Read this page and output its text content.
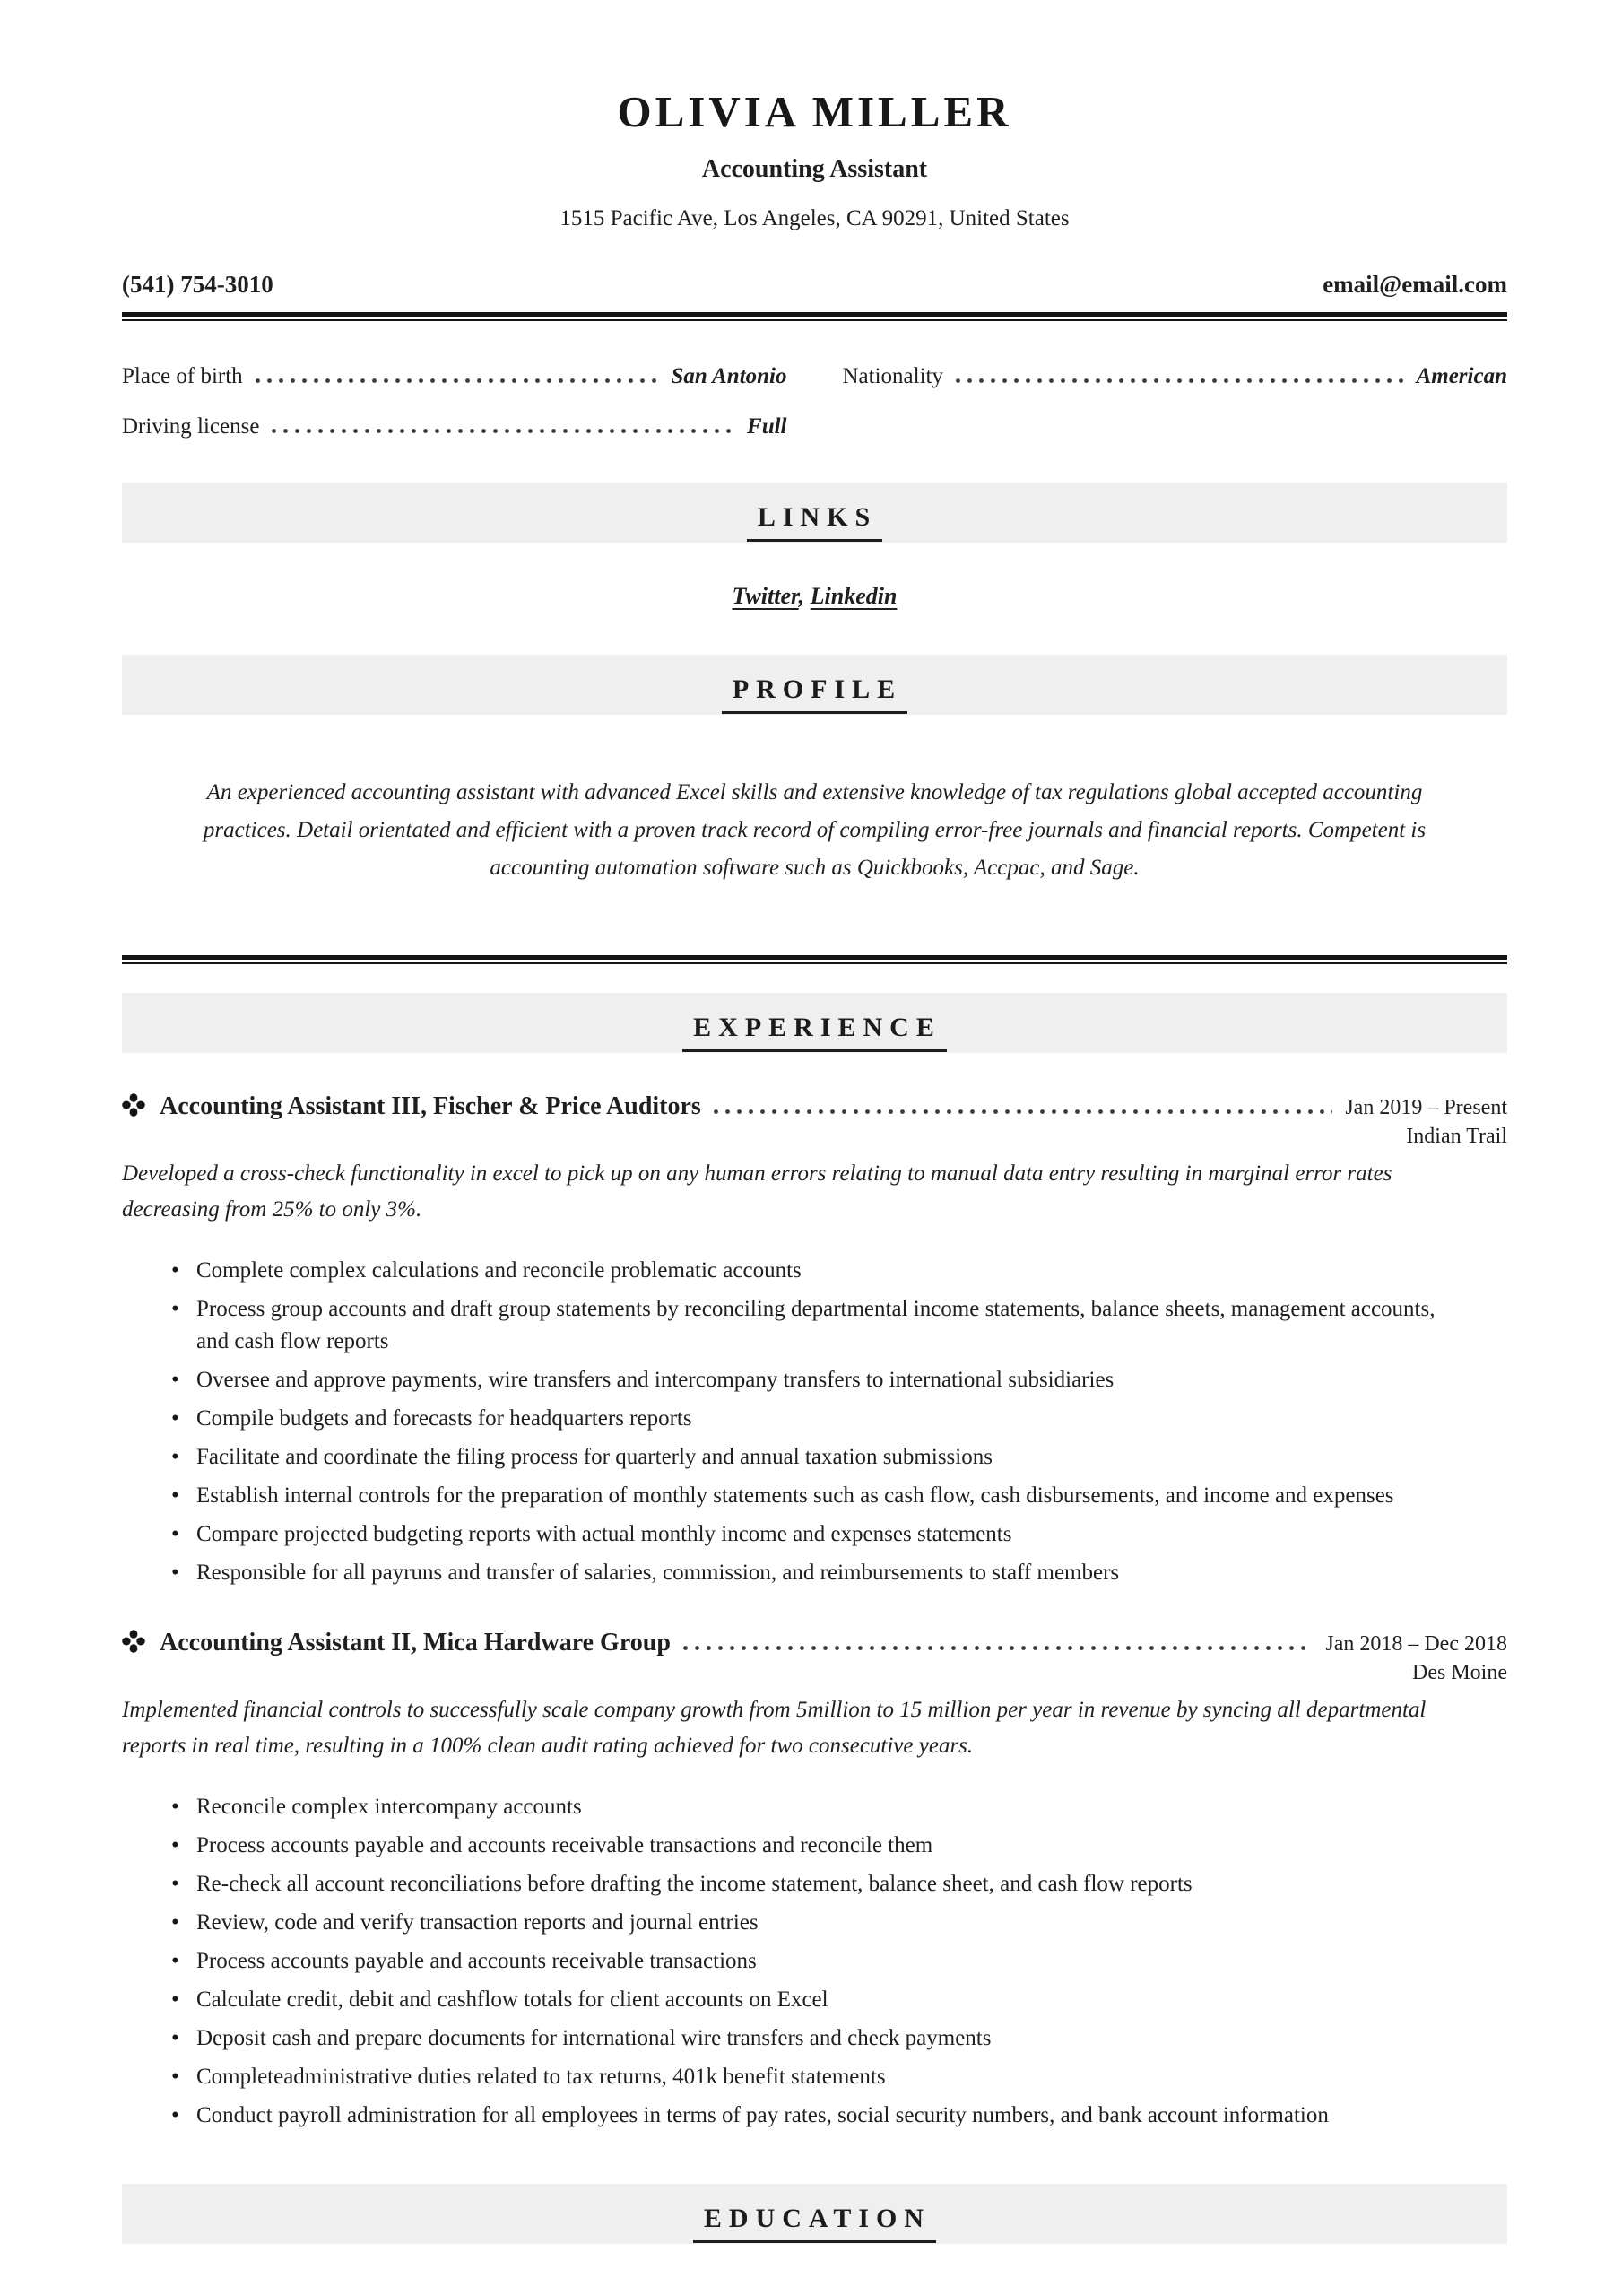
OLIVIA MILLER
Accounting Assistant
1515 Pacific Ave, Los Angeles, CA 90291, United States
(541) 754-3010	email@email.com
Place of birth	San Antonio Nationality	American
Driving license	Full
LINKS

Twitter, Linkedin

PROFILE

An experienced accounting assistant with advanced Excel skills and extensive knowledge of tax regulations global accepted accounting practices. Detail orientated and efficient with a proven track record of compiling error-free journals and financial reports. Competent is accounting automation software such as Quickbooks, Accpac, and Sage.

EXPERIENCE
Accounting Assistant III, Fischer & Price Auditors	Jan 2019 – Present
Indian Trail

Developed a cross-check functionality in excel to pick up on any human errors relating to manual data entry resulting in marginal error rates decreasing from 25% to only 3%.

• Complete complex calculations and reconcile problematic accounts
• Process group accounts and draft group statements by reconciling departmental income statements, balance sheets, management accounts, and cash flow reports
• Oversee and approve payments, wire transfers and intercompany transfers to international subsidiaries
• Compile budgets and forecasts for headquarters reports
• Facilitate and coordinate the filing process for quarterly and annual taxation submissions
• Establish internal controls for the preparation of monthly statements such as cash flow, cash disbursements, and income and expenses
• Compare projected budgeting reports with actual monthly income and expenses statements
• Responsible for all payruns and transfer of salaries, commission, and reimbursements to staff members
Accounting Assistant II, Mica Hardware Group	Jan 2018 – Dec 2018
Des Moine

Implemented financial controls to successfully scale company growth from 5million to 15 million per year in revenue by syncing all departmental reports in real time, resulting in a 100% clean audit rating achieved for two consecutive years.

• Reconcile complex intercompany accounts
• Process accounts payable and accounts receivable transactions and reconcile them
• Re-check all account reconciliations before drafting the income statement, balance sheet, and cash flow reports
• Review, code and verify transaction reports and journal entries
• Process accounts payable and accounts receivable transactions
• Calculate credit, debit and cashflow totals for client accounts on Excel
• Deposit cash and prepare documents for international wire transfers and check payments
• Completeadministrative duties related to tax returns, 401k benefit statements
• Conduct payroll administration for all employees in terms of pay rates, social security numbers, and bank account information
EDUCATION
